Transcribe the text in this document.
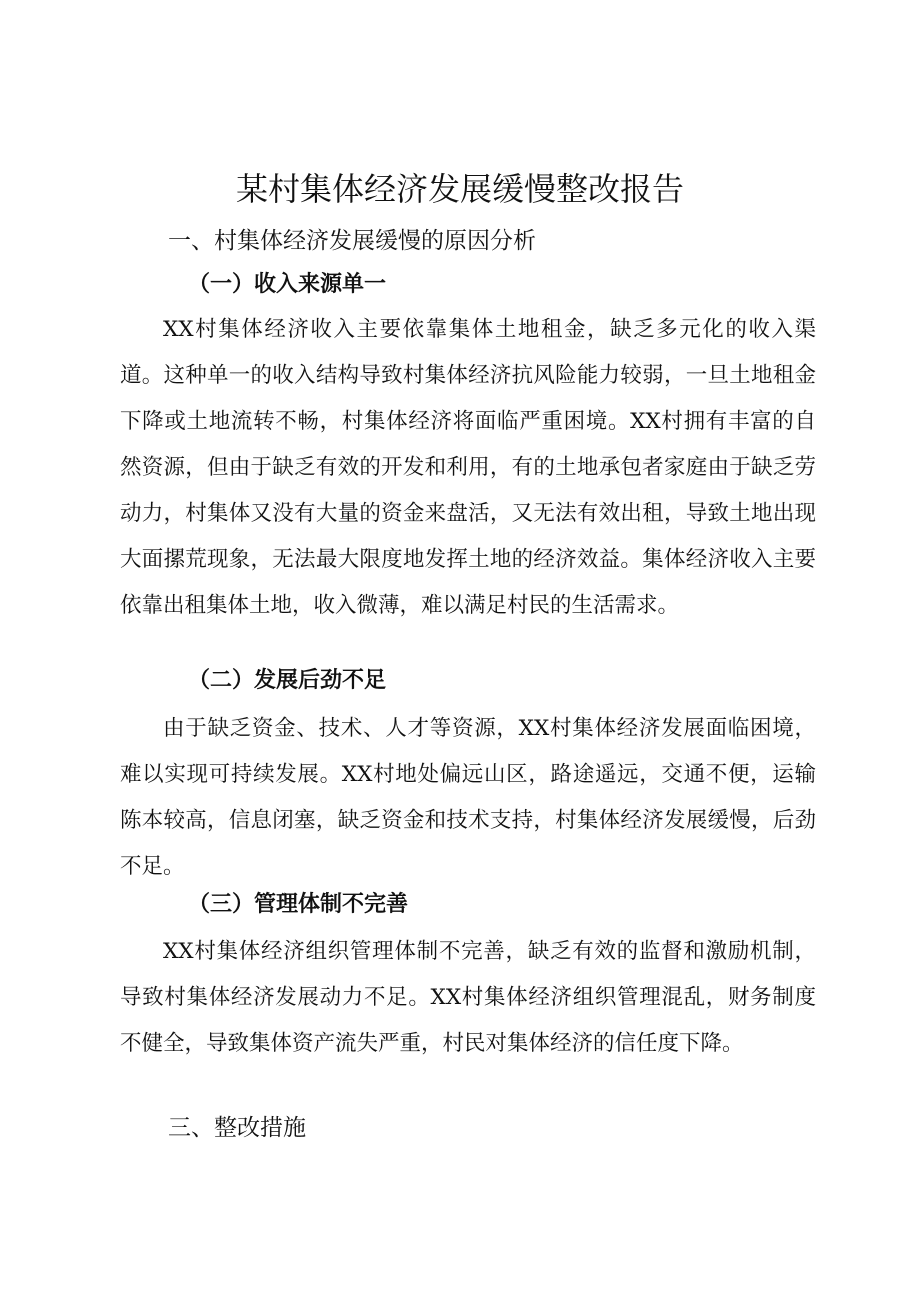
某村集体经济发展缓慢整改报告
一、村集体经济发展缓慢的原因分析
（一）收入来源单一

XX村集体经济收入主要依靠集体土地租金，缺乏多元化的收入渠道。这种单一的收入结构导致村集体经济抗风险能力较弱，一旦土地租金下降或土地流转不畅，村集体经济将面临严重困境。XX村拥有丰富的自然资源，但由于缺乏有效的开发和利用，有的土地承包者家庭由于缺乏劳动力，村集体又没有大量的资金来盘活，又无法有效出租，导致土地出现大面摞荒现象，无法最大限度地发挥土地的经济效益。集体经济收入主要依靠出租集体土地，收入微薄，难以满足村民的生活需求。

（二）发展后劲不足

由于缺乏资金、技术、人才等资源，XX村集体经济发展面临困境，难以实现可持续发展。XX村地处偏远山区，路途遥远，交通不便，运输陈本较高，信息闭塞，缺乏资金和技术支持，村集体经济发展缓慢，后劲不足。

（三）管理体制不完善

XX村集体经济组织管理体制不完善，缺乏有效的监督和激励机制，导致村集体经济发展动力不足。XX村集体经济组织管理混乱，财务制度不健全，导致集体资产流失严重，村民对集体经济的信任度下降。

三、整改措施
